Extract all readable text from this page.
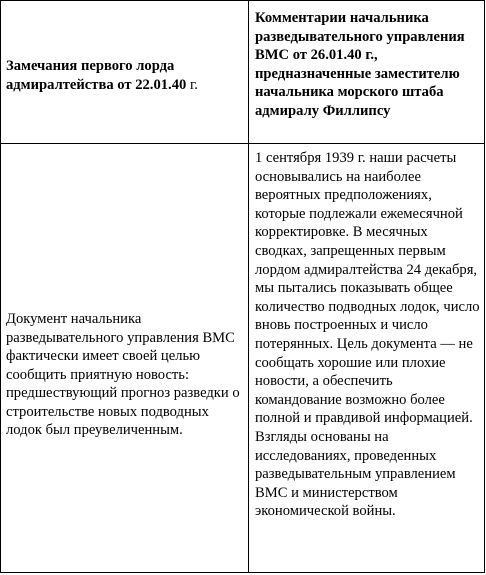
Замечания первого лорда адмиралтейства от 22.01.40 г.	Комментарии начальника разведывательного управления ВМС от 26.01.40 г., предназначенные заместителю начальника морского штаба адмиралу Филлипсу

Документ начальника разведывательного управления ВМС фактически имеет своей целью сообщить приятную новость: предшествующий прогноз разведки о строительстве новых подводных лодок был преувеличенным.	1 сентября 1939 г. наши расчеты основывались на наиболее вероятных предположениях, которые подлежали ежемесячной корректировке. В месячных сводках, запрещенных первым лордом адмиралтейства 24 декабря, мы пытались показывать общее количество подводных лодок, число вновь построенных и число потерянных. Цель документа — не сообщать хорошие или плохие новости, а обеспечить командование возможно более полной и правдивой информацией. Взгляды основаны на исследованиях, проведенных разведывательным управлением ВМС и министерством экономической войны.
